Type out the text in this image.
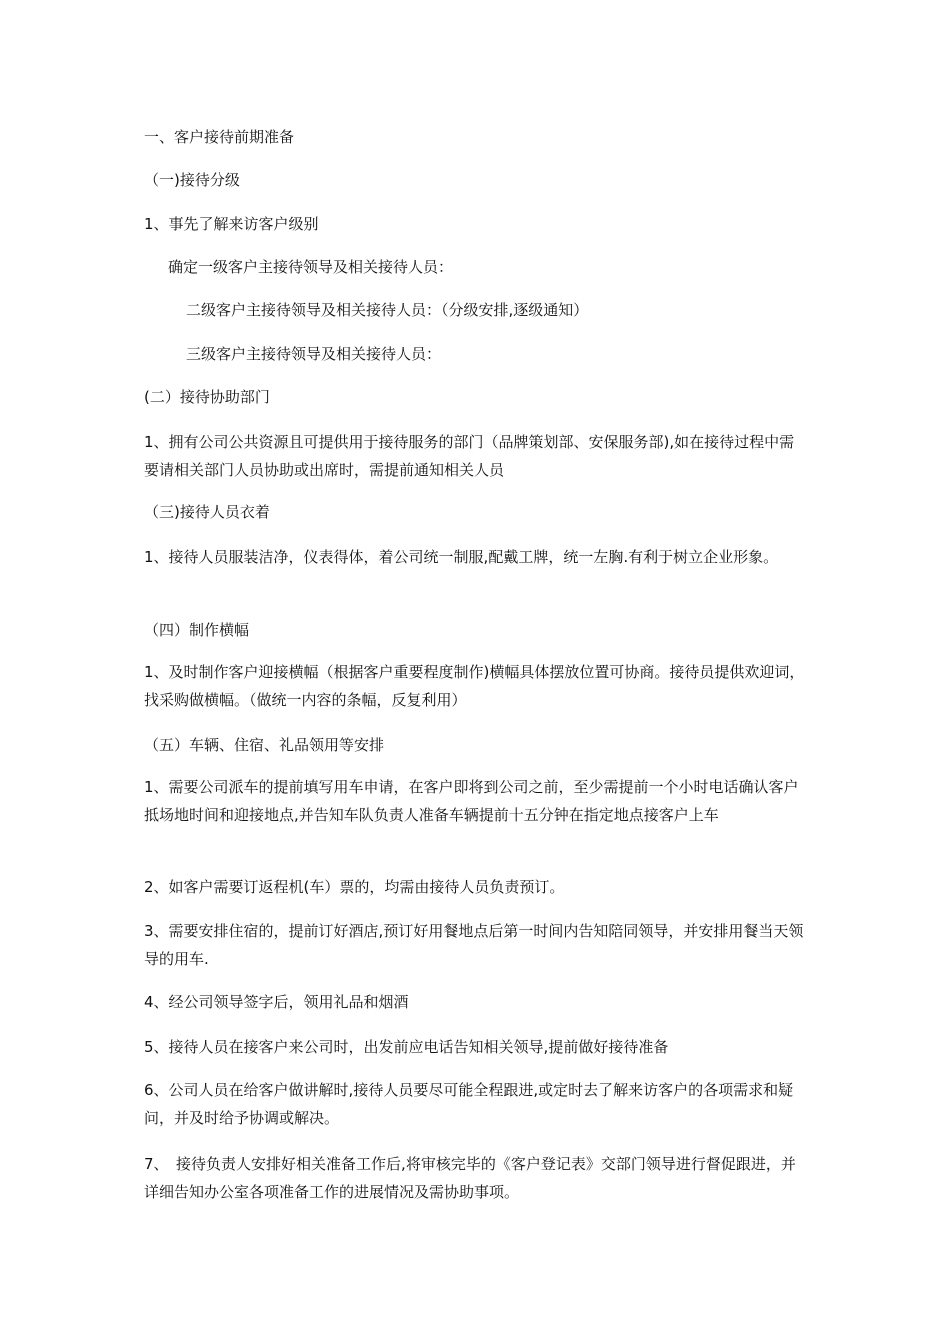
一、客户接待前期准备
（一)接待分级
1、事先了解来访客户级别
确定一级客户主接待领导及相关接待人员：
二级客户主接待领导及相关接待人员：（分级安排,逐级通知）
三级客户主接待领导及相关接待人员：
(二）接待协助部门
1、拥有公司公共资源且可提供用于接待服务的部门（品牌策划部、安保服务部),如在接待过程中需要请相关部门人员协助或出席时，需提前通知相关人员
（三)接待人员衣着
1、接待人员服装洁净，仪表得体，着公司统一制服,配戴工牌，统一左胸.有利于树立企业形象。
（四）制作横幅
1、及时制作客户迎接横幅（根据客户重要程度制作)横幅具体摆放位置可协商。接待员提供欢迎词，找采购做横幅。（做统一内容的条幅，反复利用）
（五）车辆、住宿、礼品领用等安排
1、需要公司派车的提前填写用车申请，在客户即将到公司之前，至少需提前一个小时电话确认客户抵场地时间和迎接地点,并告知车队负责人准备车辆提前十五分钟在指定地点接客户上车
2、如客户需要订返程机(车）票的，均需由接待人员负责预订。
3、需要安排住宿的，提前订好酒店,预订好用餐地点后第一时间内告知陪同领导，并安排用餐当天领导的用车.
4、经公司领导签字后，领用礼品和烟酒
5、接待人员在接客户来公司时，出发前应电话告知相关领导,提前做好接待准备
6、公司人员在给客户做讲解时,接待人员要尽可能全程跟进,或定时去了解来访客户的各项需求和疑问，并及时给予协调或解决。
7、　接待负责人安排好相关准备工作后,将审核完毕的《客户登记表》交部门领导进行督促跟进，并详细告知办公室各项准备工作的进展情况及需协助事项。
